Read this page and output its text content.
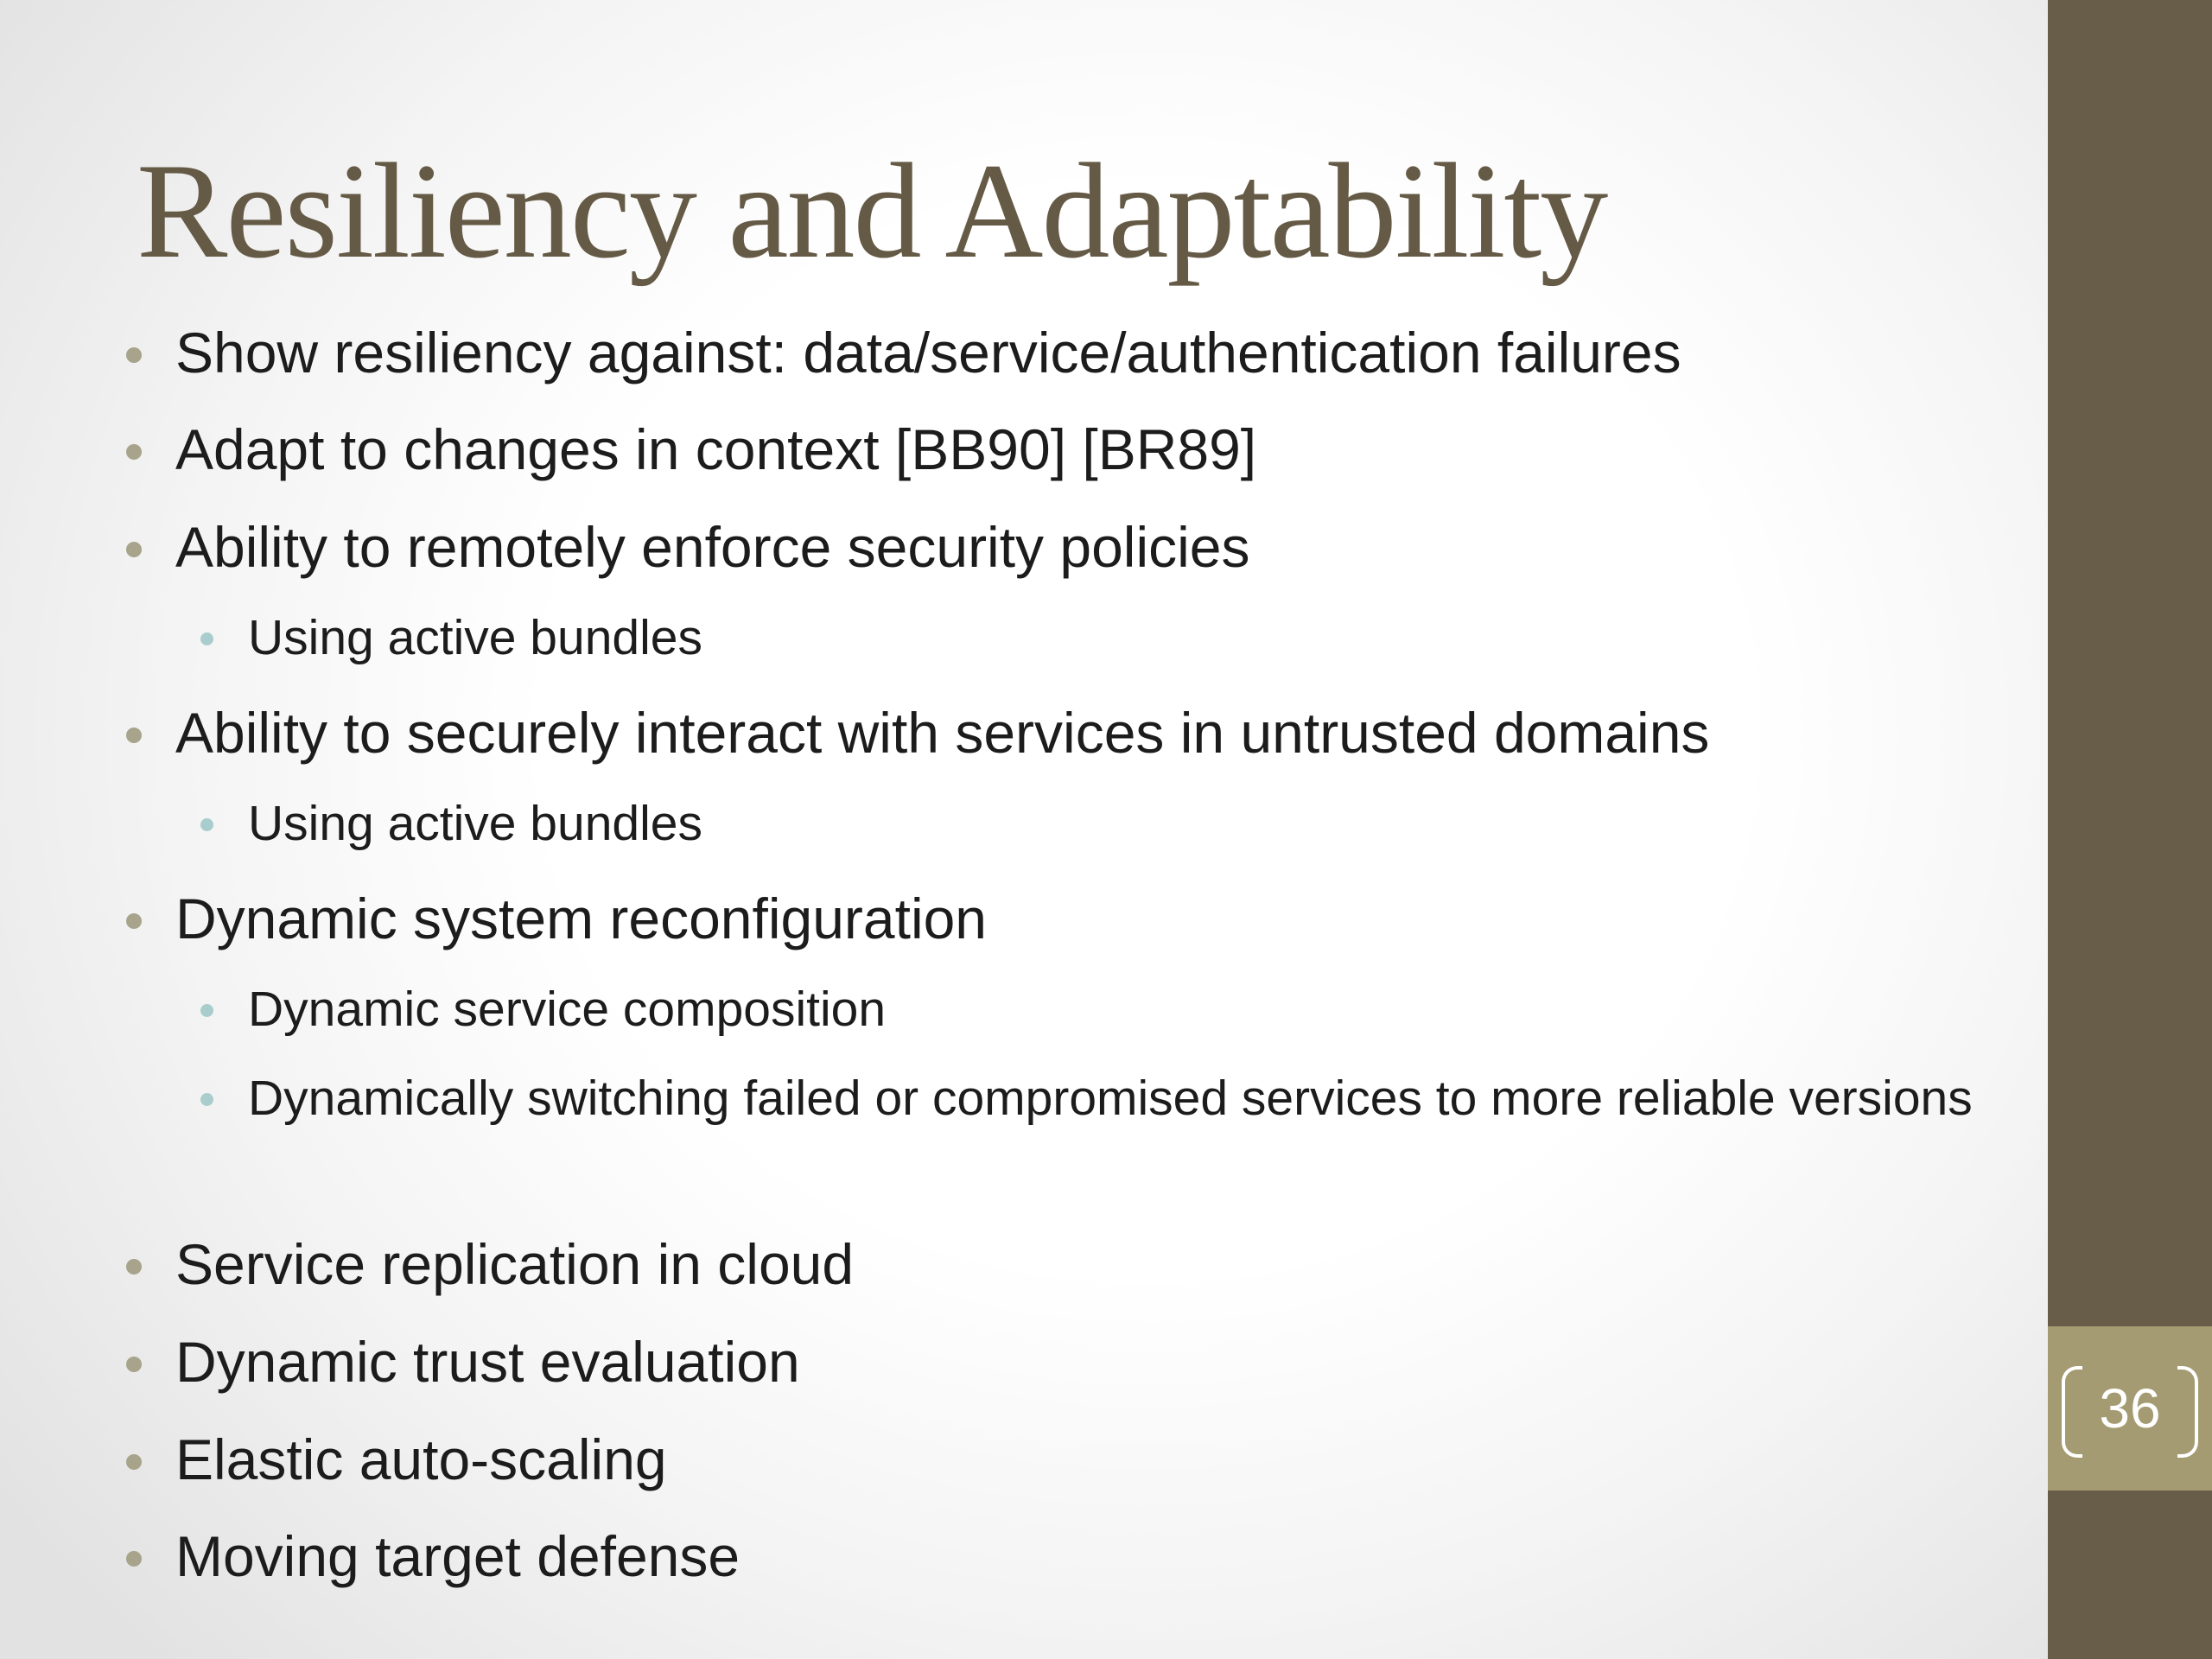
Resiliency and Adaptability
Show resiliency against: data/service/authentication failures
Adapt to changes in context [BB90] [BR89]
Ability to remotely enforce security policies
Using active bundles
Ability to securely interact with services in untrusted domains
Using active bundles
Dynamic system reconfiguration
Dynamic service composition
Dynamically switching failed or compromised services to more reliable versions
Service replication in cloud
Dynamic trust evaluation
Elastic auto-scaling
Moving target defense
36
